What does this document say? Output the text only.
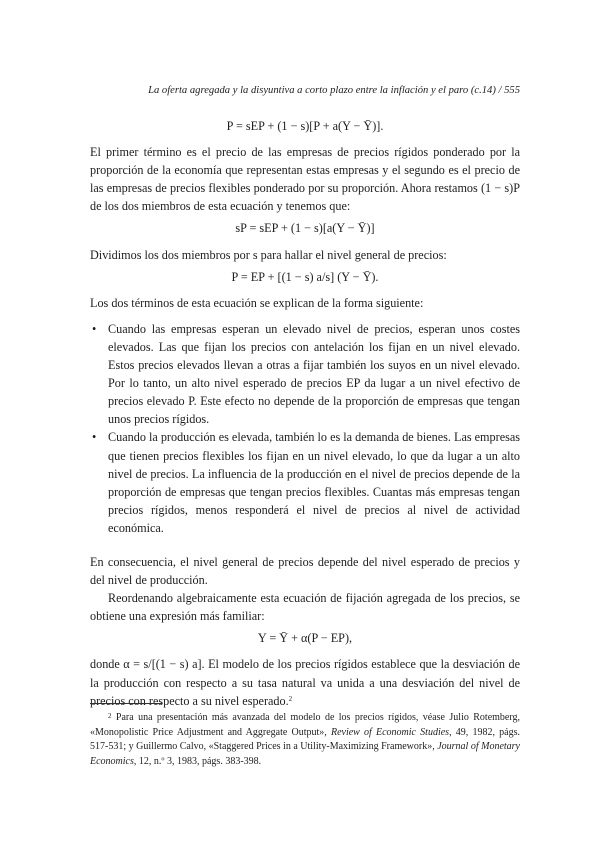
La oferta agregada y la disyuntiva a corto plazo entre la inflación y el paro (c.14) / 555
P = sEP + (1 − s)[P + a(Y − Ȳ)].

El primer término es el precio de las empresas de precios rígidos ponderado por la proporción de la economía que representan estas empresas y el segundo es el precio de las empresas de precios flexibles ponderado por su proporción. Ahora restamos (1 − s)P de los dos miembros de esta ecuación y tenemos que:

sP = sEP + (1 − s)[a(Y − Ȳ)]

Dividimos los dos miembros por s para hallar el nivel general de precios:

P = EP + [(1 − s) a/s] (Y − Ȳ).

Los dos términos de esta ecuación se explican de la forma siguiente:

• Cuando las empresas esperan un elevado nivel de precios, esperan unos costes elevados. Las que fijan los precios con antelación los fijan en un nivel elevado. Estos precios elevados llevan a otras a fijar también los suyos en un nivel elevado. Por lo tanto, un alto nivel esperado de precios EP da lugar a un nivel efectivo de precios elevado P. Este efecto no depende de la proporción de empresas que tengan unos precios rígidos.
• Cuando la producción es elevada, también lo es la demanda de bienes. Las empresas que tienen precios flexibles los fijan en un nivel elevado, lo que da lugar a un alto nivel de precios. La influencia de la producción en el nivel de precios depende de la proporción de empresas que tengan precios flexibles. Cuantas más empresas tengan precios rígidos, menos responderá el nivel de precios al nivel de actividad económica.

En consecuencia, el nivel general de precios depende del nivel esperado de precios y del nivel de producción.

Reordenando algebraicamente esta ecuación de fijación agregada de los precios, se obtiene una expresión más familiar:

Y = Ȳ + α(P − EP),

donde α = s/[(1 − s) a]. El modelo de los precios rígidos establece que la desviación de la producción con respecto a su tasa natural va unida a una desviación del nivel de precios con respecto a su nivel esperado.$^2$

$^2$ Para una presentación más avanzada del modelo de los precios rígidos, véase Julio Rotemberg, «Monopolistic Price Adjustment and Aggregate Output», Review of Economic Studies, 49, 1982, págs. 517-531; y Guillermo Calvo, «Staggered Prices in a Utility-Maximizing Framework», Journal of Monetary Economics, 12, n.º 3, 1983, págs. 383-398.
